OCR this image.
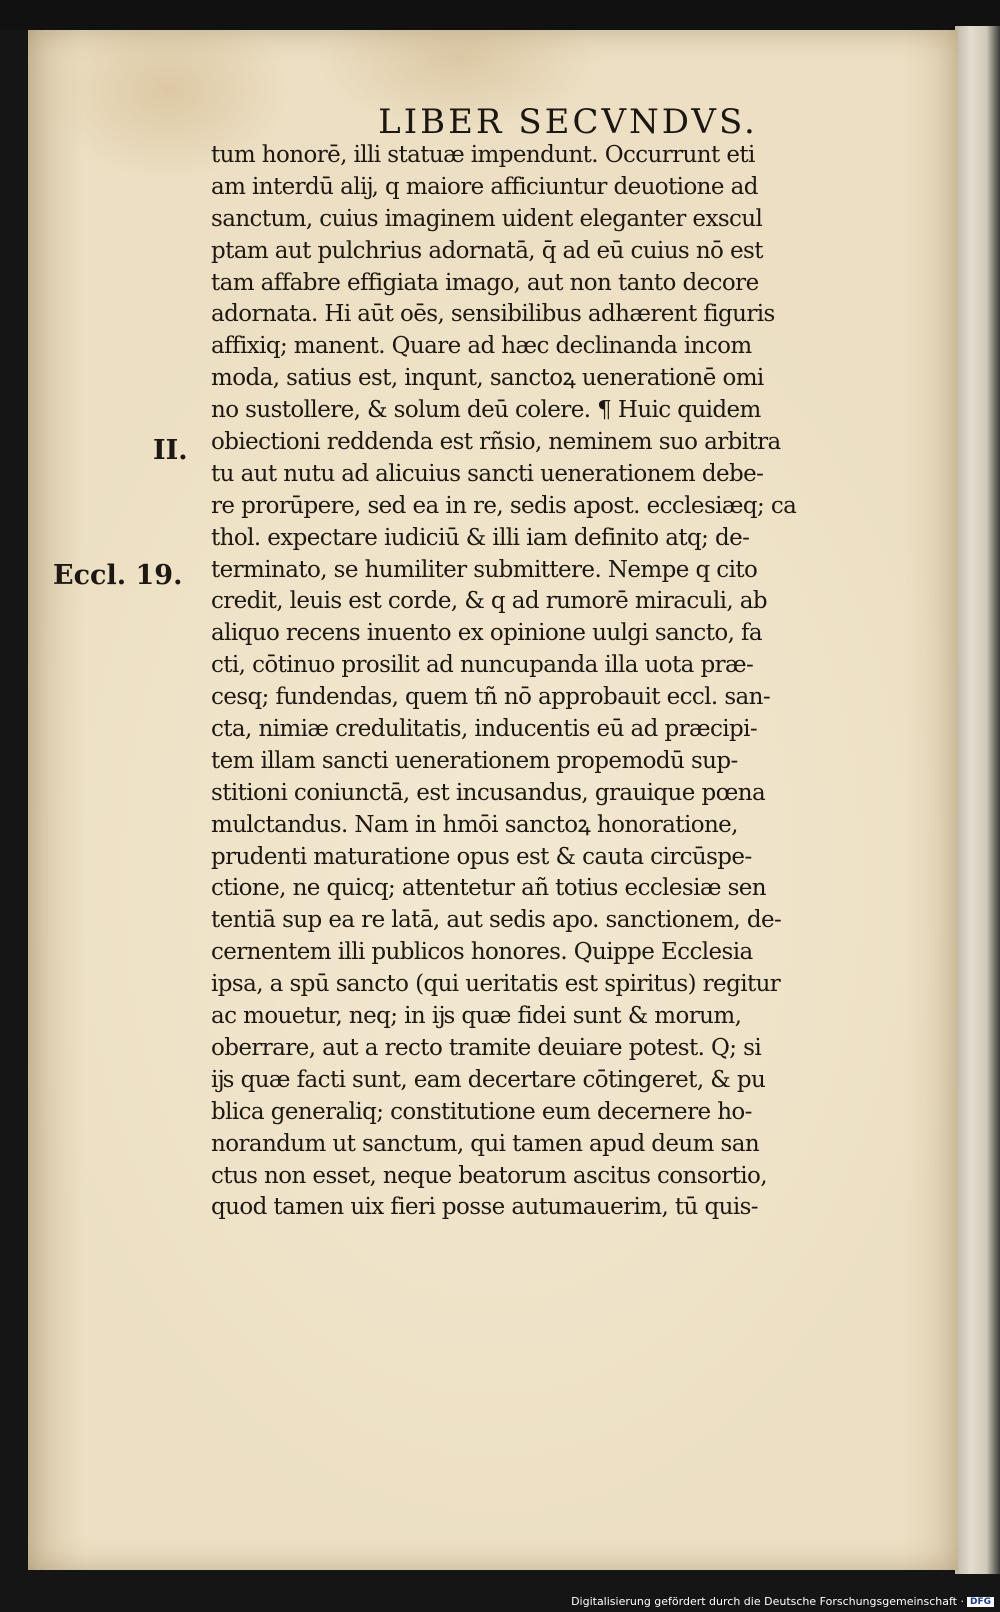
LIBER SECVNDVS.
II.
Eccl. 19.
tum honorē, illi statuæ impendunt. Occurrunt eti
am interdū alĳ, q maiore afficiuntur deuotione ad
sanctum, cuius imaginem uident eleganter exscul
ptam aut pulchrius adornatā, q̄ ad eū cuius nō est
tam affabre effigiata imago, aut non tanto decore
adornata. Hi aūt oēs, sensibilibus adhærent figuris
affixiq; manent. Quare ad hæc declinanda incom
moda, satius est, inqunt, sanctoꝝ uenerationē omi
no sustollere, & solum deū colere. ¶ Huic quidem
obiectioni reddenda est rñsio, neminem suo arbitra
tu aut nutu ad alicuius sancti uenerationem debe-
re prorūpere, sed ea in re, sedis apost. ecclesiæq; ca
thol. expectare iudiciū & illi iam definito atq; de-
terminato, se humiliter submittere. Nempe q cito
credit, leuis est corde, & q ad rumorē miraculi, ab
aliquo recens inuento ex opinione uulgi sancto, fa
cti, cōtinuo prosilit ad nuncupanda illa uota præ-
cesq; fundendas, quem tñ nō approbauit eccl. san-
cta, nimiæ credulitatis, inducentis eū ad præcipi-
tem illam sancti uenerationem propemodū sup-
stitioni coniunctā, est incusandus, grauique pœna
mulctandus. Nam in hmōi sanctoꝝ honoratione,
prudenti maturatione opus est & cauta circūspe-
ctione, ne quicq; attentetur añ totius ecclesiæ sen
tentiā sup ea re latā, aut sedis apo. sanctionem, de-
cernentem illi publicos honores. Quippe Ecclesia
ipsa, a spū sancto (qui ueritatis est spiritus) regitur
ac mouetur, neq; in ĳs quæ fidei sunt & morum,
oberrare, aut a recto tramite deuiare potest. Q; si
ĳs quæ facti sunt, eam decertare cōtingeret, & pu
blica generaliq; constitutione eum decernere ho-
norandum ut sanctum, qui tamen apud deum san
ctus non esset, neque beatorum ascitus consortio,
quod tamen uix fieri posse autumauerim, tū quis-
Digitalisierung gefördert durch die Deutsche Forschungsgemeinschaft · DFG
